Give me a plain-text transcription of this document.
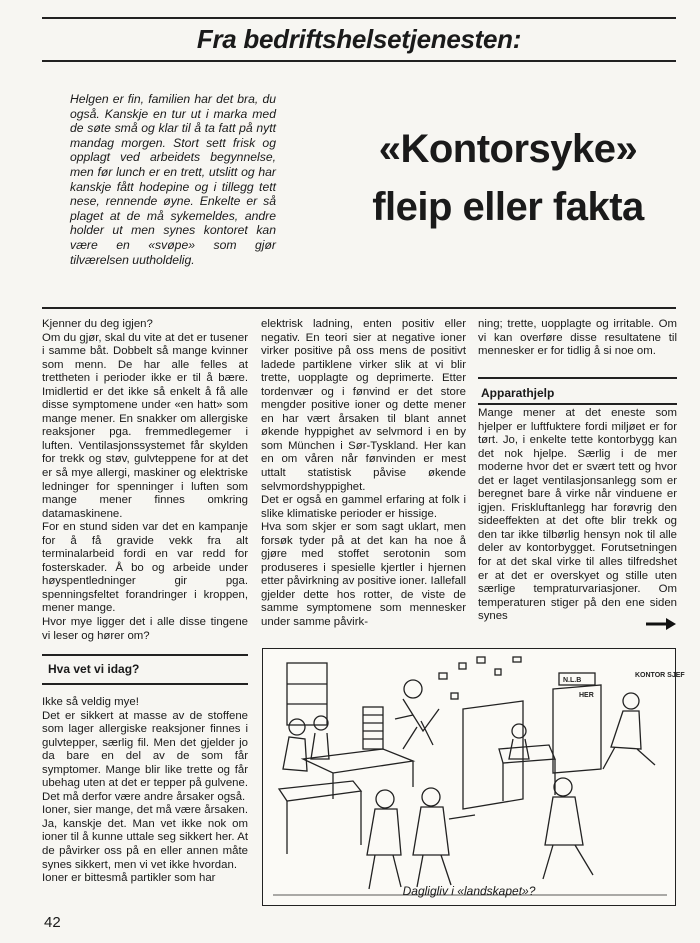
Fra bedriftshelsetjenesten:
Helgen er fin, familien har det bra, du også. Kanskje en tur ut i marka med de søte små og klar til å ta fatt på nytt mandag morgen. Stort sett frisk og opplagt ved arbeidets begynnelse, men før lunch er en trett, utslitt og har kanskje fått hodepine og i tillegg tett nese, rennende øyne. Enkelte er så plaget at de må sykemeldes, andre holder ut men synes kontoret kan være en «svøpe» som gjør tilværelsen uutholdelig.
«Kontorsyke»
fleip eller fakta

Kjenner du deg igjen?

Om du gjør, skal du vite at det er tusener i samme båt. Dobbelt så mange kvinner som menn. De har alle felles at trettheten i perioder ikke er til å bære. Imidlertid er det ikke så enkelt å få alle disse symptomene under «en hatt» som mange mener. En snakker om allergiske reaksjoner pga. fremmedlegemer i luften. Ventilasjonssystemet får skylden for trekk og støv, gulvteppene for at det er så mye allergi, maskiner og elektriske ledninger for spenninger i luften som mange mener finnes omkring datamaskinene.

For en stund siden var det en kampanje for å få gravide vekk fra alt terminalarbeid fordi en var redd for fosterskader. Å bo og arbeide under høyspentledninger gir pga. spenningsfeltet forandringer i kroppen, mener mange.

Hvor mye ligger det i alle disse tingene vi leser og hører om?

Hva vet vi idag?

Ikke så veldig mye!

Det er sikkert at masse av de stoffene som lager allergiske reaksjoner finnes i gulvtepper, særlig fil. Men det gjelder jo da bare en del av de som får symptomer. Mange blir like trette og får ubehag uten at det er tepper på gulvene. Det må derfor være andre årsaker også.

Ioner, sier mange, det må være årsaken. Ja, kanskje det. Man vet ikke nok om ioner til å kunne uttale seg sikkert her. At de påvirker oss på en eller annen måte synes sikkert, men vi vet ikke hvordan.

Ioner er bittesmå partikler som har

elektrisk ladning, enten positiv eller negativ. En teori sier at negative ioner virker positive på oss mens de positivt ladede partiklene virker slik at vi blir trette, uopplagte og deprimerte. Etter tordenvær og i fønvind er det store mengder positive ioner og dette mener en har vært årsaken til blant annet økende hyppighet av selvmord i en by som München i Sør-Tyskland. Her kan en om våren når fønvinden er mest uttalt statistisk påvise økende selvmordshyppighet.

Det er også en gammel erfaring at folk i slike klimatiske perioder er hissige.

Hva som skjer er som sagt uklart, men forsøk tyder på at det kan ha noe å gjøre med stoffet serotonin som produseres i spesielle kjertler i hjernen etter påvirkning av positive ioner. Iallefall gjelder dette hos rotter, de viste de samme symptomene som mennesker under samme påvirk-

ning; trette, uopplagte og irritable. Om vi kan overføre disse resultatene til mennesker er for tidlig å si noe om.

Apparathjelp

Mange mener at det eneste som hjelper er luftfuktere fordi miljøet er for tørt. Jo, i enkelte tette kontorbygg kan det nok hjelpe. Særlig i de mer moderne hvor det er svært tett og hvor det er laget ventilasjonsanlegg som er beregnet bare å virke når vinduene er igjen. Friskluftanlegg har forøvrig den sideeffekten at det ofte blir trekk og den tar ikke tilbørlig hensyn nok til alle deler av kontorbygget. Forutsetningen for at det skal virke til alles tilfredshet er at det er overskyet og stille uten særlige tempraturvariasjoner. Om temperaturen stiger på den ene siden synes

N.L.B
HER
KONTOR SJEF
Dagligliv i «landskapet»?
42
